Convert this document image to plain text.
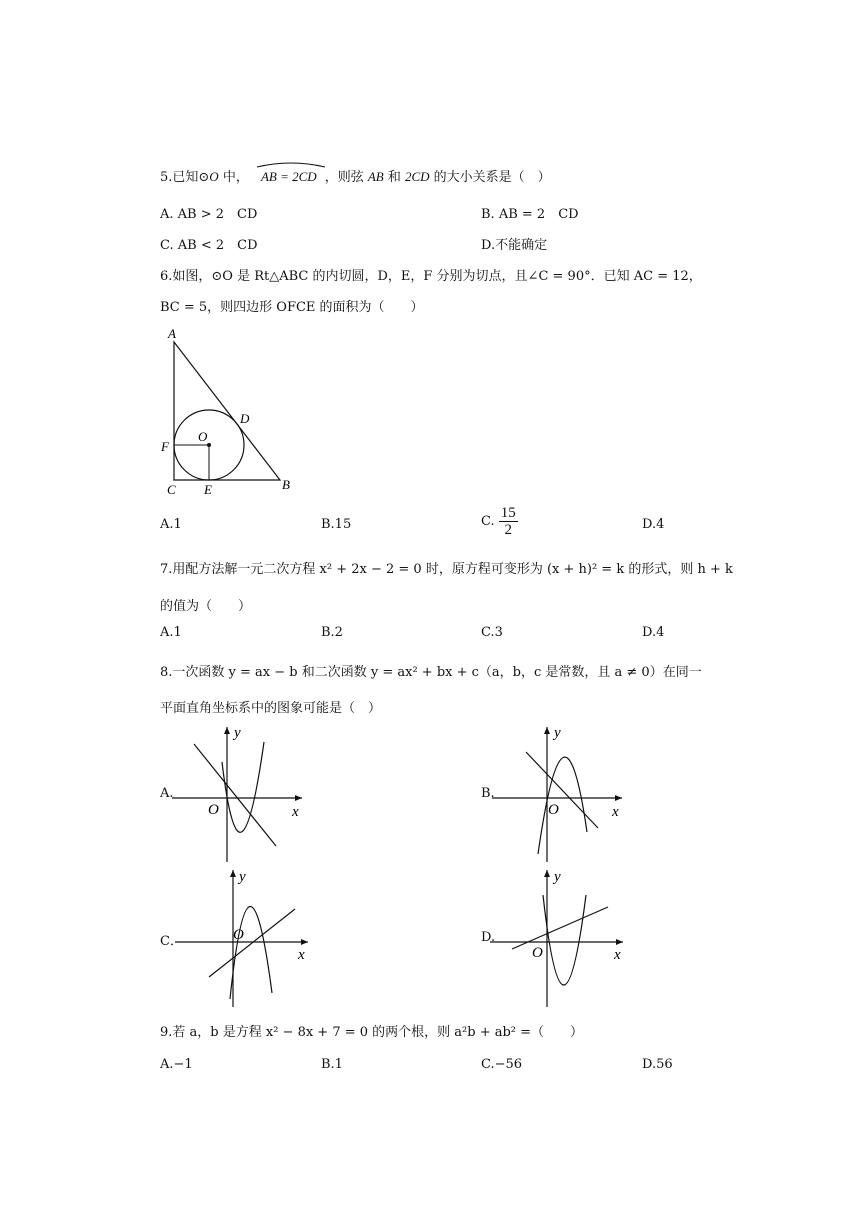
5.已知⊙O 中， AB = 2CD ，则弦 AB 和 2CD 的大小关系是（　）
A. AB > 2　CD	B. AB = 2　CD
C. AB < 2　CD	D.不能确定
6.如图，⊙O 是 Rt△ABC 的内切圆，D，E，F 分别为切点，且∠C = 90°．已知 AC = 12，
BC = 5，则四边形 OFCE 的面积为（　　）
A
D
O
F
C E	B
A.1	B.15	C. $\frac{15}{2}$	D.4
7.用配方法解一元二次方程 x² + 2x − 2 = 0 时，原方程可变形为 (x + h)² = k 的形式，则 h + k
的值为（　　）
A.1	B.2	C.3	D.4
8.一次函数 y = ax − b 和二次函数 y = ax² + bx + c（a，b，c 是常数，且 a ≠ 0）在同一
平面直角坐标系中的图象可能是（　）
A.
y
x
O
B.
y
x
O
C．
y
x
O	D.
y
x
O
9.若 a，b 是方程 x² − 8x + 7 = 0 的两个根，则 a²b + ab² =（　　）
A.−1	B.1	C.−56	D.56
